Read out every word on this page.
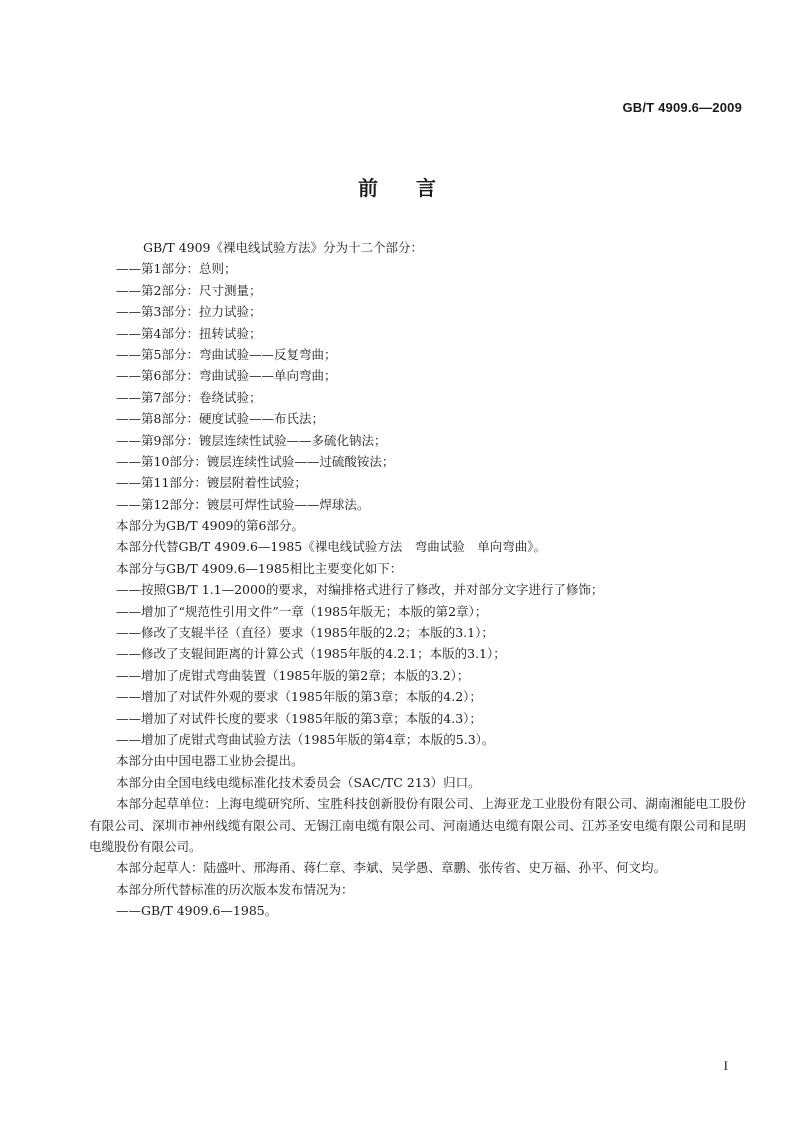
GB/T 4909.6—2009
前言
GB/T 4909《裸电线试验方法》分为十二个部分：
——第1部分：总则；
——第2部分：尺寸测量；
——第3部分：拉力试验；
——第4部分：扭转试验；
——第5部分：弯曲试验——反复弯曲；
——第6部分：弯曲试验——单向弯曲；
——第7部分：卷绕试验；
——第8部分：硬度试验——布氏法；
——第9部分：镀层连续性试验——多硫化钠法；
——第10部分：镀层连续性试验——过硫酸铵法；
——第11部分：镀层附着性试验；
——第12部分：镀层可焊性试验——焊球法。
本部分为GB/T 4909的第6部分。
本部分代替GB/T 4909.6—1985《裸电线试验方法　弯曲试验　单向弯曲》。
本部分与GB/T 4909.6—1985相比主要变化如下：
——按照GB/T 1.1—2000的要求，对编排格式进行了修改，并对部分文字进行了修饰；
——增加了“规范性引用文件”一章（1985年版无；本版的第2章）；
——修改了支辊半径（直径）要求（1985年版的2.2；本版的3.1）；
——修改了支辊间距离的计算公式（1985年版的4.2.1；本版的3.1）；
——增加了虎钳式弯曲装置（1985年版的第2章；本版的3.2）；
——增加了对试件外观的要求（1985年版的第3章；本版的4.2）；
——增加了对试件长度的要求（1985年版的第3章；本版的4.3）；
——增加了虎钳式弯曲试验方法（1985年版的第4章；本版的5.3）。
本部分由中国电器工业协会提出。
本部分由全国电线电缆标准化技术委员会（SAC/TC 213）归口。
本部分起草单位：上海电缆研究所、宝胜科技创新股份有限公司、上海亚龙工业股份有限公司、湖南湘能电工股份有限公司、深圳市神州线缆有限公司、无锡江南电缆有限公司、河南通达电缆有限公司、江苏圣安电缆有限公司和昆明电缆股份有限公司。
本部分起草人：陆盛叶、邢海甬、蒋仁章、李斌、吴学愚、章鹏、张传省、史万福、孙平、何文均。
本部分所代替标准的历次版本发布情况为：
——GB/T 4909.6—1985。
I
